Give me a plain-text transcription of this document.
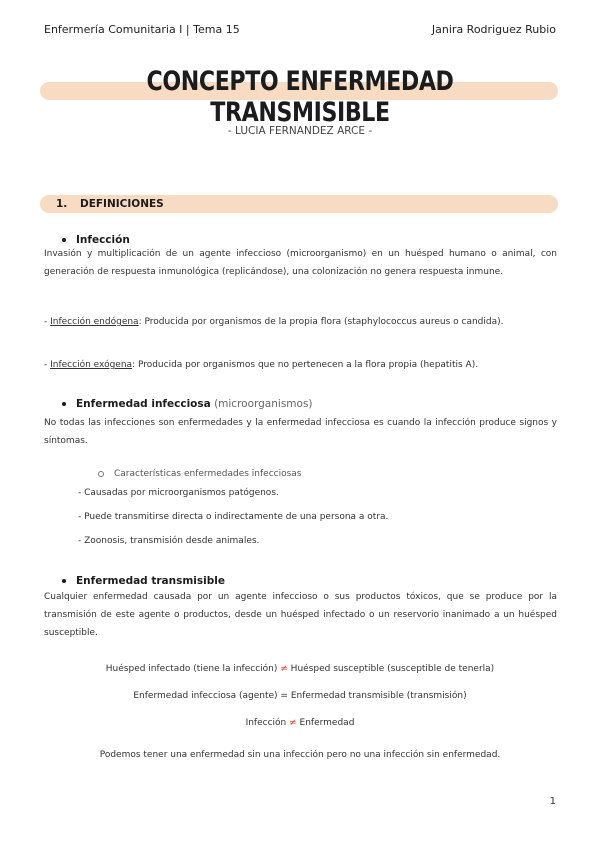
Enfermería Comunitaria I | Tema 15	Janira Rodriguez Rubio
CONCEPTO ENFERMEDAD TRANSMISIBLE
- LUCIA FERNANDEZ ARCE -
1. DEFINICIONES
Infección
Invasión y multiplicación de un agente infeccioso (microorganismo) en un huésped humano o animal, con generación de respuesta inmunológica (replicándose), una colonización no genera respuesta inmune.
- Infección endógena: Producida por organismos de la propia flora (staphylococcus aureus o candida).
- Infección exógena: Producida por organismos que no pertenecen a la flora propia (hepatitis A).
Enfermedad infecciosa (microorganismos)
No todas las infecciones son enfermedades y la enfermedad infecciosa es cuando la infección produce signos y síntomas.
Características enfermedades infecciosas
- Causadas por microorganismos patógenos.
- Puede transmitirse directa o indirectamente de una persona a otra.
- Zoonosis, transmisión desde animales.
Enfermedad transmisible
Cualquier enfermedad causada por un agente infeccioso o sus productos tóxicos, que se produce por la transmisión de este agente o productos, desde un huésped infectado o un reservorio inanimado a un huésped susceptible.
Huésped infectado (tiene la infección) ≠ Huésped susceptible (susceptible de tenerla)
Enfermedad infecciosa (agente) = Enfermedad transmisible (transmisión)
Infección ≠ Enfermedad
Podemos tener una enfermedad sin una infección pero no una infección sin enfermedad.
1
